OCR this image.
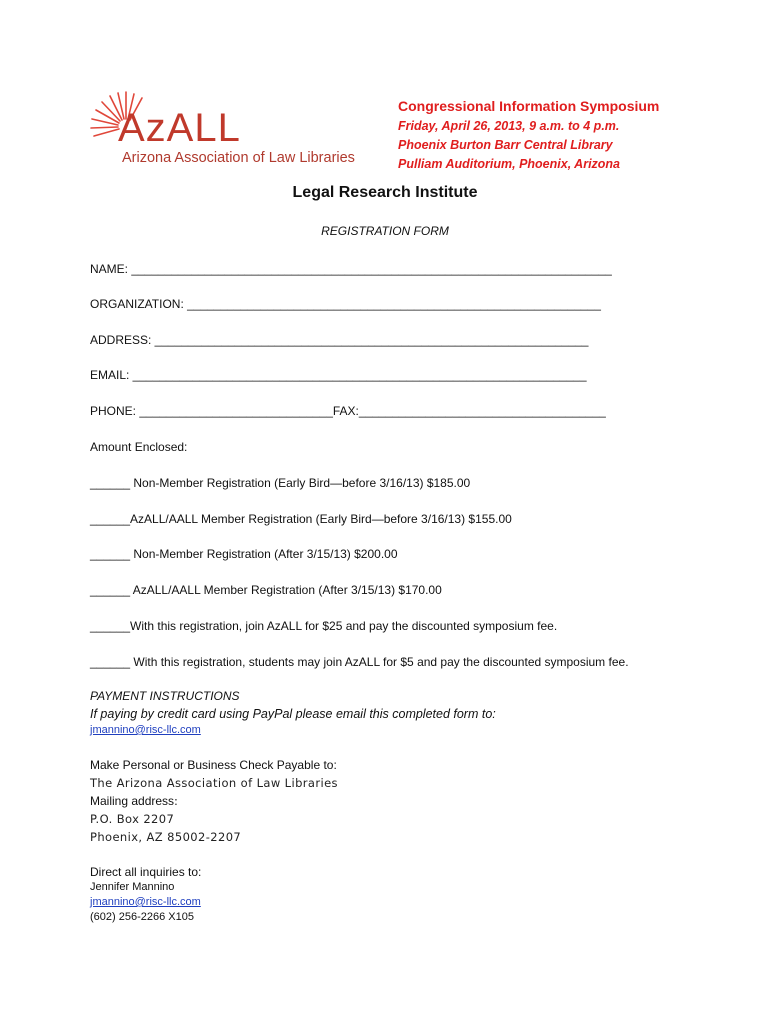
AzALL
Arizona Association of Law Libraries
Congressional Information Symposium
Friday, April 26, 2013, 9 a.m. to 4 p.m.
Phoenix Burton Barr Central Library
Pulliam Auditorium, Phoenix, Arizona
Legal Research Institute
REGISTRATION FORM
NAME: ________________________________________________________________________
ORGANIZATION: ______________________________________________________________
ADDRESS: _________________________________________________________________
EMAIL: ____________________________________________________________________
PHONE: _____________________________FAX:_____________________________________
Amount Enclosed:
______ Non-Member Registration (Early Bird—before 3/16/13) $185.00
______AzALL/AALL Member Registration (Early Bird—before 3/16/13) $155.00
______ Non-Member Registration (After 3/15/13) $200.00
______ AzALL/AALL Member Registration (After 3/15/13) $170.00
______With this registration, join AzALL for $25 and pay the discounted symposium fee.
______ With this registration, students may join AzALL for $5 and pay the discounted symposium fee.
PAYMENT INSTRUCTIONS
If paying by credit card using PayPal please email this completed form to:
jmannino@risc-llc.com
Make Personal or Business Check Payable to:
The Arizona Association of Law Libraries
Mailing address:
P.O. Box 2207
Phoenix, AZ 85002-2207
Direct all inquiries to:
Jennifer Mannino
jmannino@risc-llc.com
(602) 256-2266 X105
